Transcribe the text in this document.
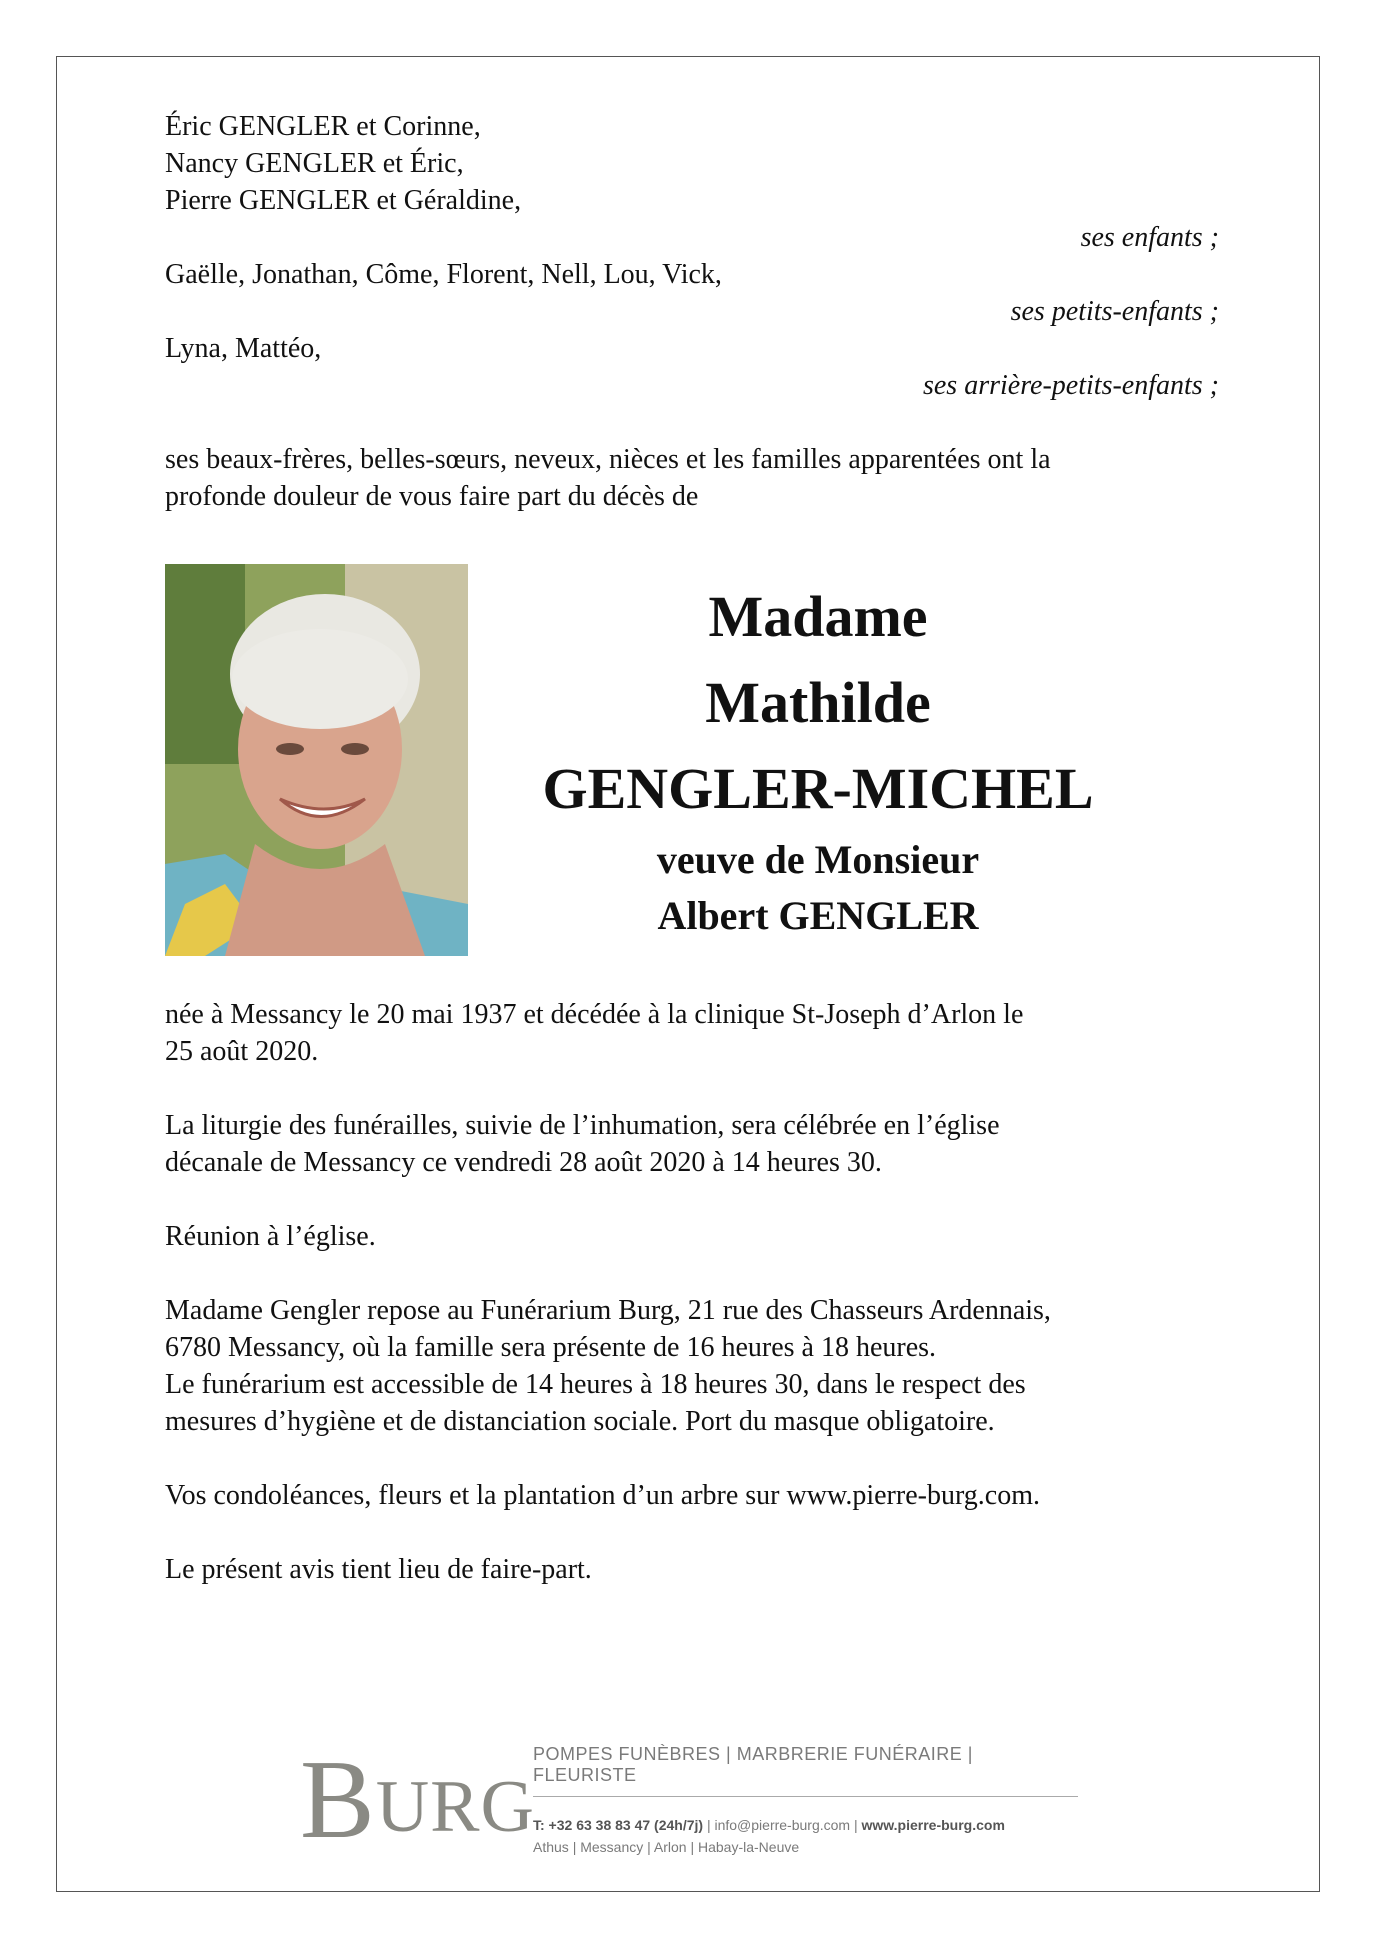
Éric GENGLER et Corinne,
Nancy GENGLER et Éric,
Pierre GENGLER et Géraldine,
ses enfants ;
Gaëlle, Jonathan, Côme, Florent, Nell, Lou, Vick,
ses petits-enfants ;
Lyna, Mattéo,
ses arrière-petits-enfants ;
ses beaux-frères, belles-sœurs, neveux, nièces et les familles apparentées ont la
profonde douleur de vous faire part du décès de
Madame
Mathilde
GENGLER-MICHEL
veuve de Monsieur
Albert GENGLER
née à Messancy le 20 mai 1937 et décédée à la clinique St-Joseph d’Arlon le
25 août 2020.
La liturgie des funérailles, suivie de l’inhumation, sera célébrée en l’église
décanale de Messancy ce vendredi 28 août 2020 à 14 heures 30.
Réunion à l’église.
Madame Gengler repose au Funérarium Burg, 21 rue des Chasseurs Ardennais,
6780 Messancy, où la famille sera présente de 16 heures à 18 heures.
Le funérarium est accessible de 14 heures à 18 heures 30, dans le respect des
mesures d’hygiène et de distanciation sociale. Port du masque obligatoire.
Vos condoléances, fleurs et la plantation d’un arbre sur www.pierre-burg.com.
Le présent avis tient lieu de faire-part.
BURG
POMPES FUNÈBRES | MARBRERIE FUNÉRAIRE | FLEURISTE
T: +32 63 38 83 47 (24h/7j) | info@pierre-burg.com | www.pierre-burg.com
Athus | Messancy | Arlon | Habay-la-Neuve
